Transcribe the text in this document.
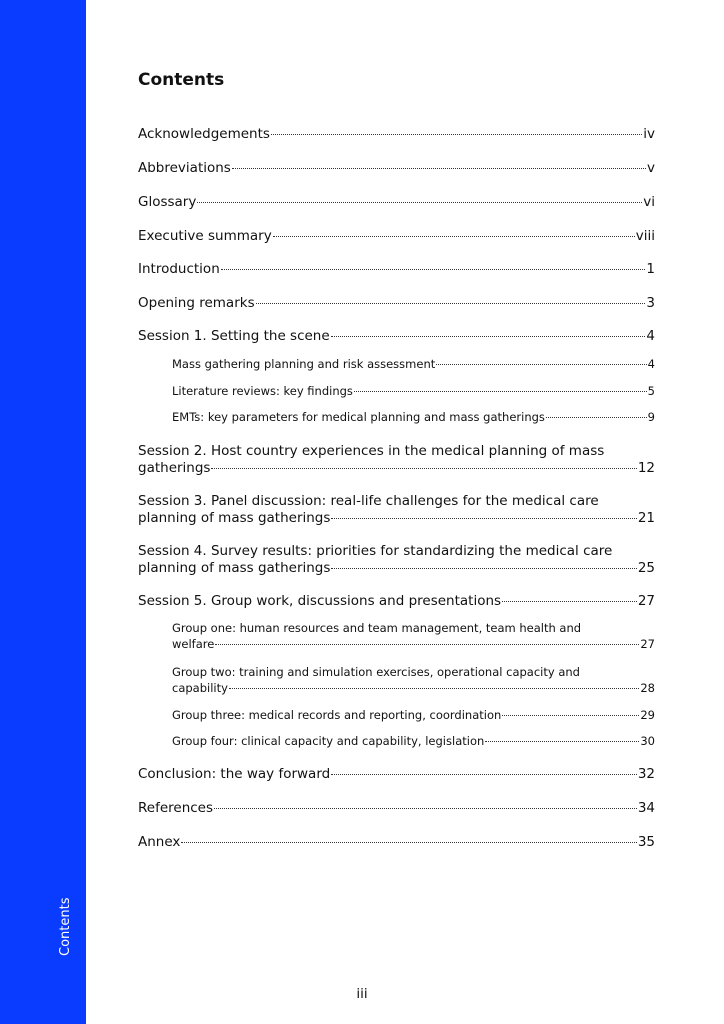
Contents
Contents
Acknowledgements	iv
Abbreviations	v
Glossary	vi
Executive summary	viii
Introduction	1
Opening remarks	3
Session 1. Setting the scene	4
Mass gathering planning and risk assessment	4
Literature reviews: key findings	5
EMTs: key parameters for medical planning and mass gatherings	9
Session 2. Host country experiences in the medical planning of mass
gatherings	12
Session 3. Panel discussion: real-life challenges for the medical care
planning of mass gatherings	21
Session 4. Survey results: priorities for standardizing the medical care
planning of mass gatherings	25
Session 5. Group work, discussions and presentations	27
Group one: human resources and team management, team health and
welfare	27
Group two: training and simulation exercises, operational capacity and
capability	28
Group three: medical records and reporting, coordination	29
Group four: clinical capacity and capability, legislation	30
Conclusion: the way forward	32
References	34
Annex	35
iii
